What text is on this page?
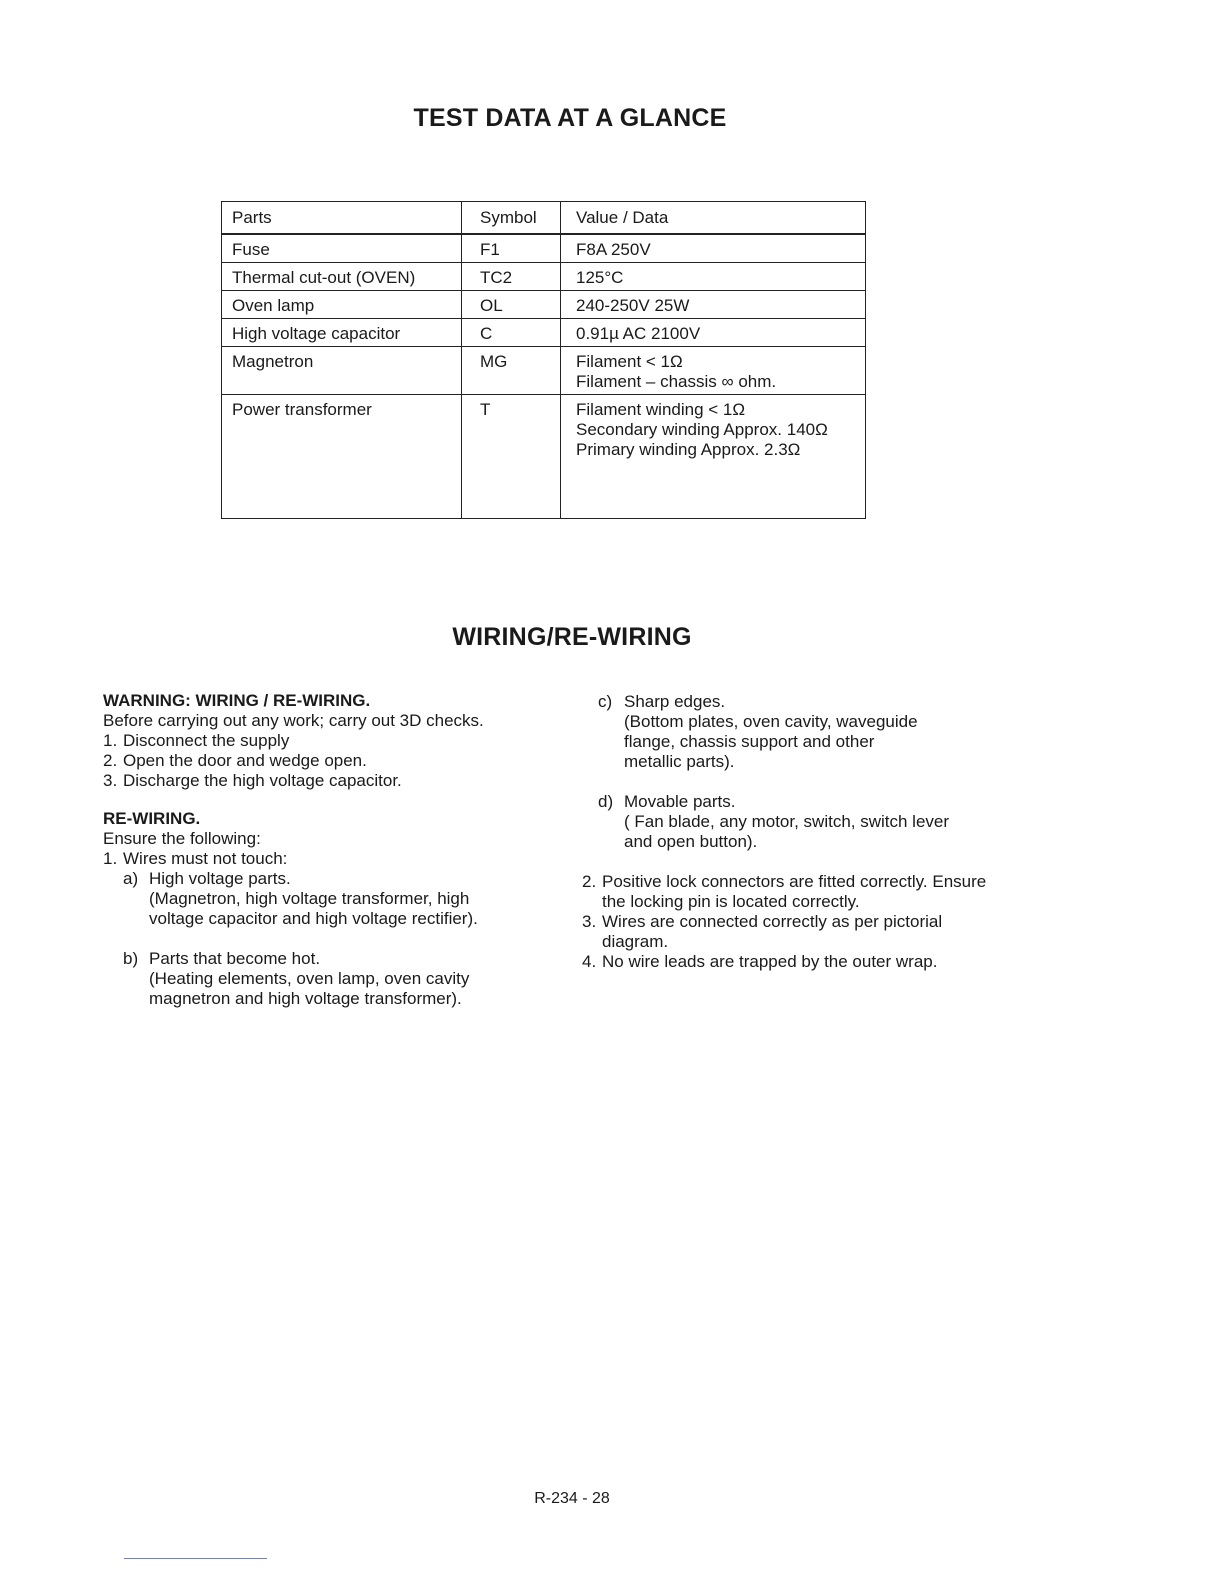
TEST DATA AT A GLANCE
Parts	Symbol	Value / Data
Fuse	F1	F8A 250V

Thermal cut-out (OVEN)	TC2	125°C

Oven lamp	OL	240-250V 25W

High voltage capacitor	C	0.91µ AC 2100V

Magnetron	MG	Filament < 1Ω
Filament – chassis ∞ ohm.

Power transformer	T	Filament winding < 1Ω
Secondary winding Approx. 140Ω
Primary winding Approx. 2.3Ω
WIRING/RE-WIRING
WARNING: WIRING / RE-WIRING.
Before carrying out any work; carry out 3D checks.
1. Disconnect the supply
2. Open the door and wedge open.
3. Discharge the high voltage capacitor.
RE-WIRING.
Ensure the following:
1. Wires must not touch:
a) High voltage parts.
(Magnetron, high voltage transformer, high
voltage capacitor and high voltage rectifier).
b) Parts that become hot.
(Heating elements, oven lamp, oven cavity
magnetron and high voltage transformer).
c) Sharp edges.
(Bottom plates, oven cavity, waveguide
flange, chassis support and other
metallic parts).
d) Movable parts.
( Fan blade, any motor, switch, switch lever
and open button).
2. Positive lock connectors are fitted correctly. Ensure
the locking pin is located correctly.
3. Wires are connected correctly as per pictorial
diagram.
4. No wire leads are trapped by the outer wrap.
R-234 - 28
